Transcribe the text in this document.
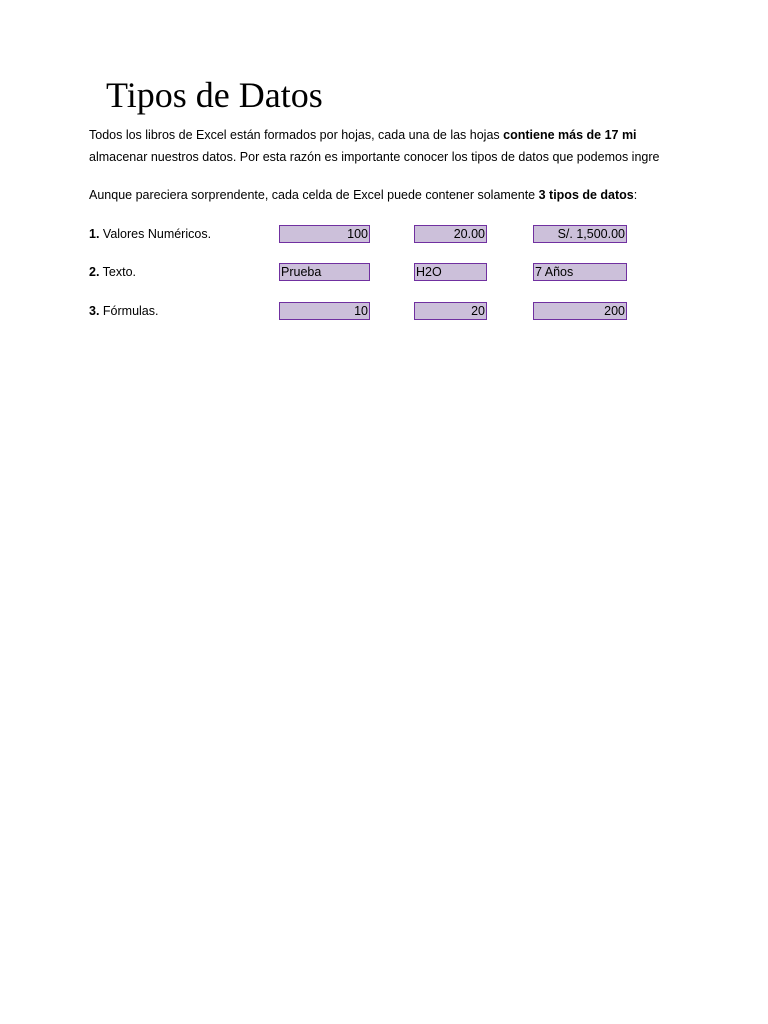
Tipos de Datos
Todos los libros de Excel están formados por hojas, cada una de las hojas contiene más de 17 mi
almacenar nuestros datos. Por esta razón es importante conocer los tipos de datos que podemos ingre
Aunque pareciera sorprendente, cada celda de Excel puede contener solamente 3 tipos de datos:
1. Valores Numéricos.	100	20.00	S/. 1,500.00
2. Texto.	Prueba	H2O	7 Años
3. Fórmulas.	10	20	200
